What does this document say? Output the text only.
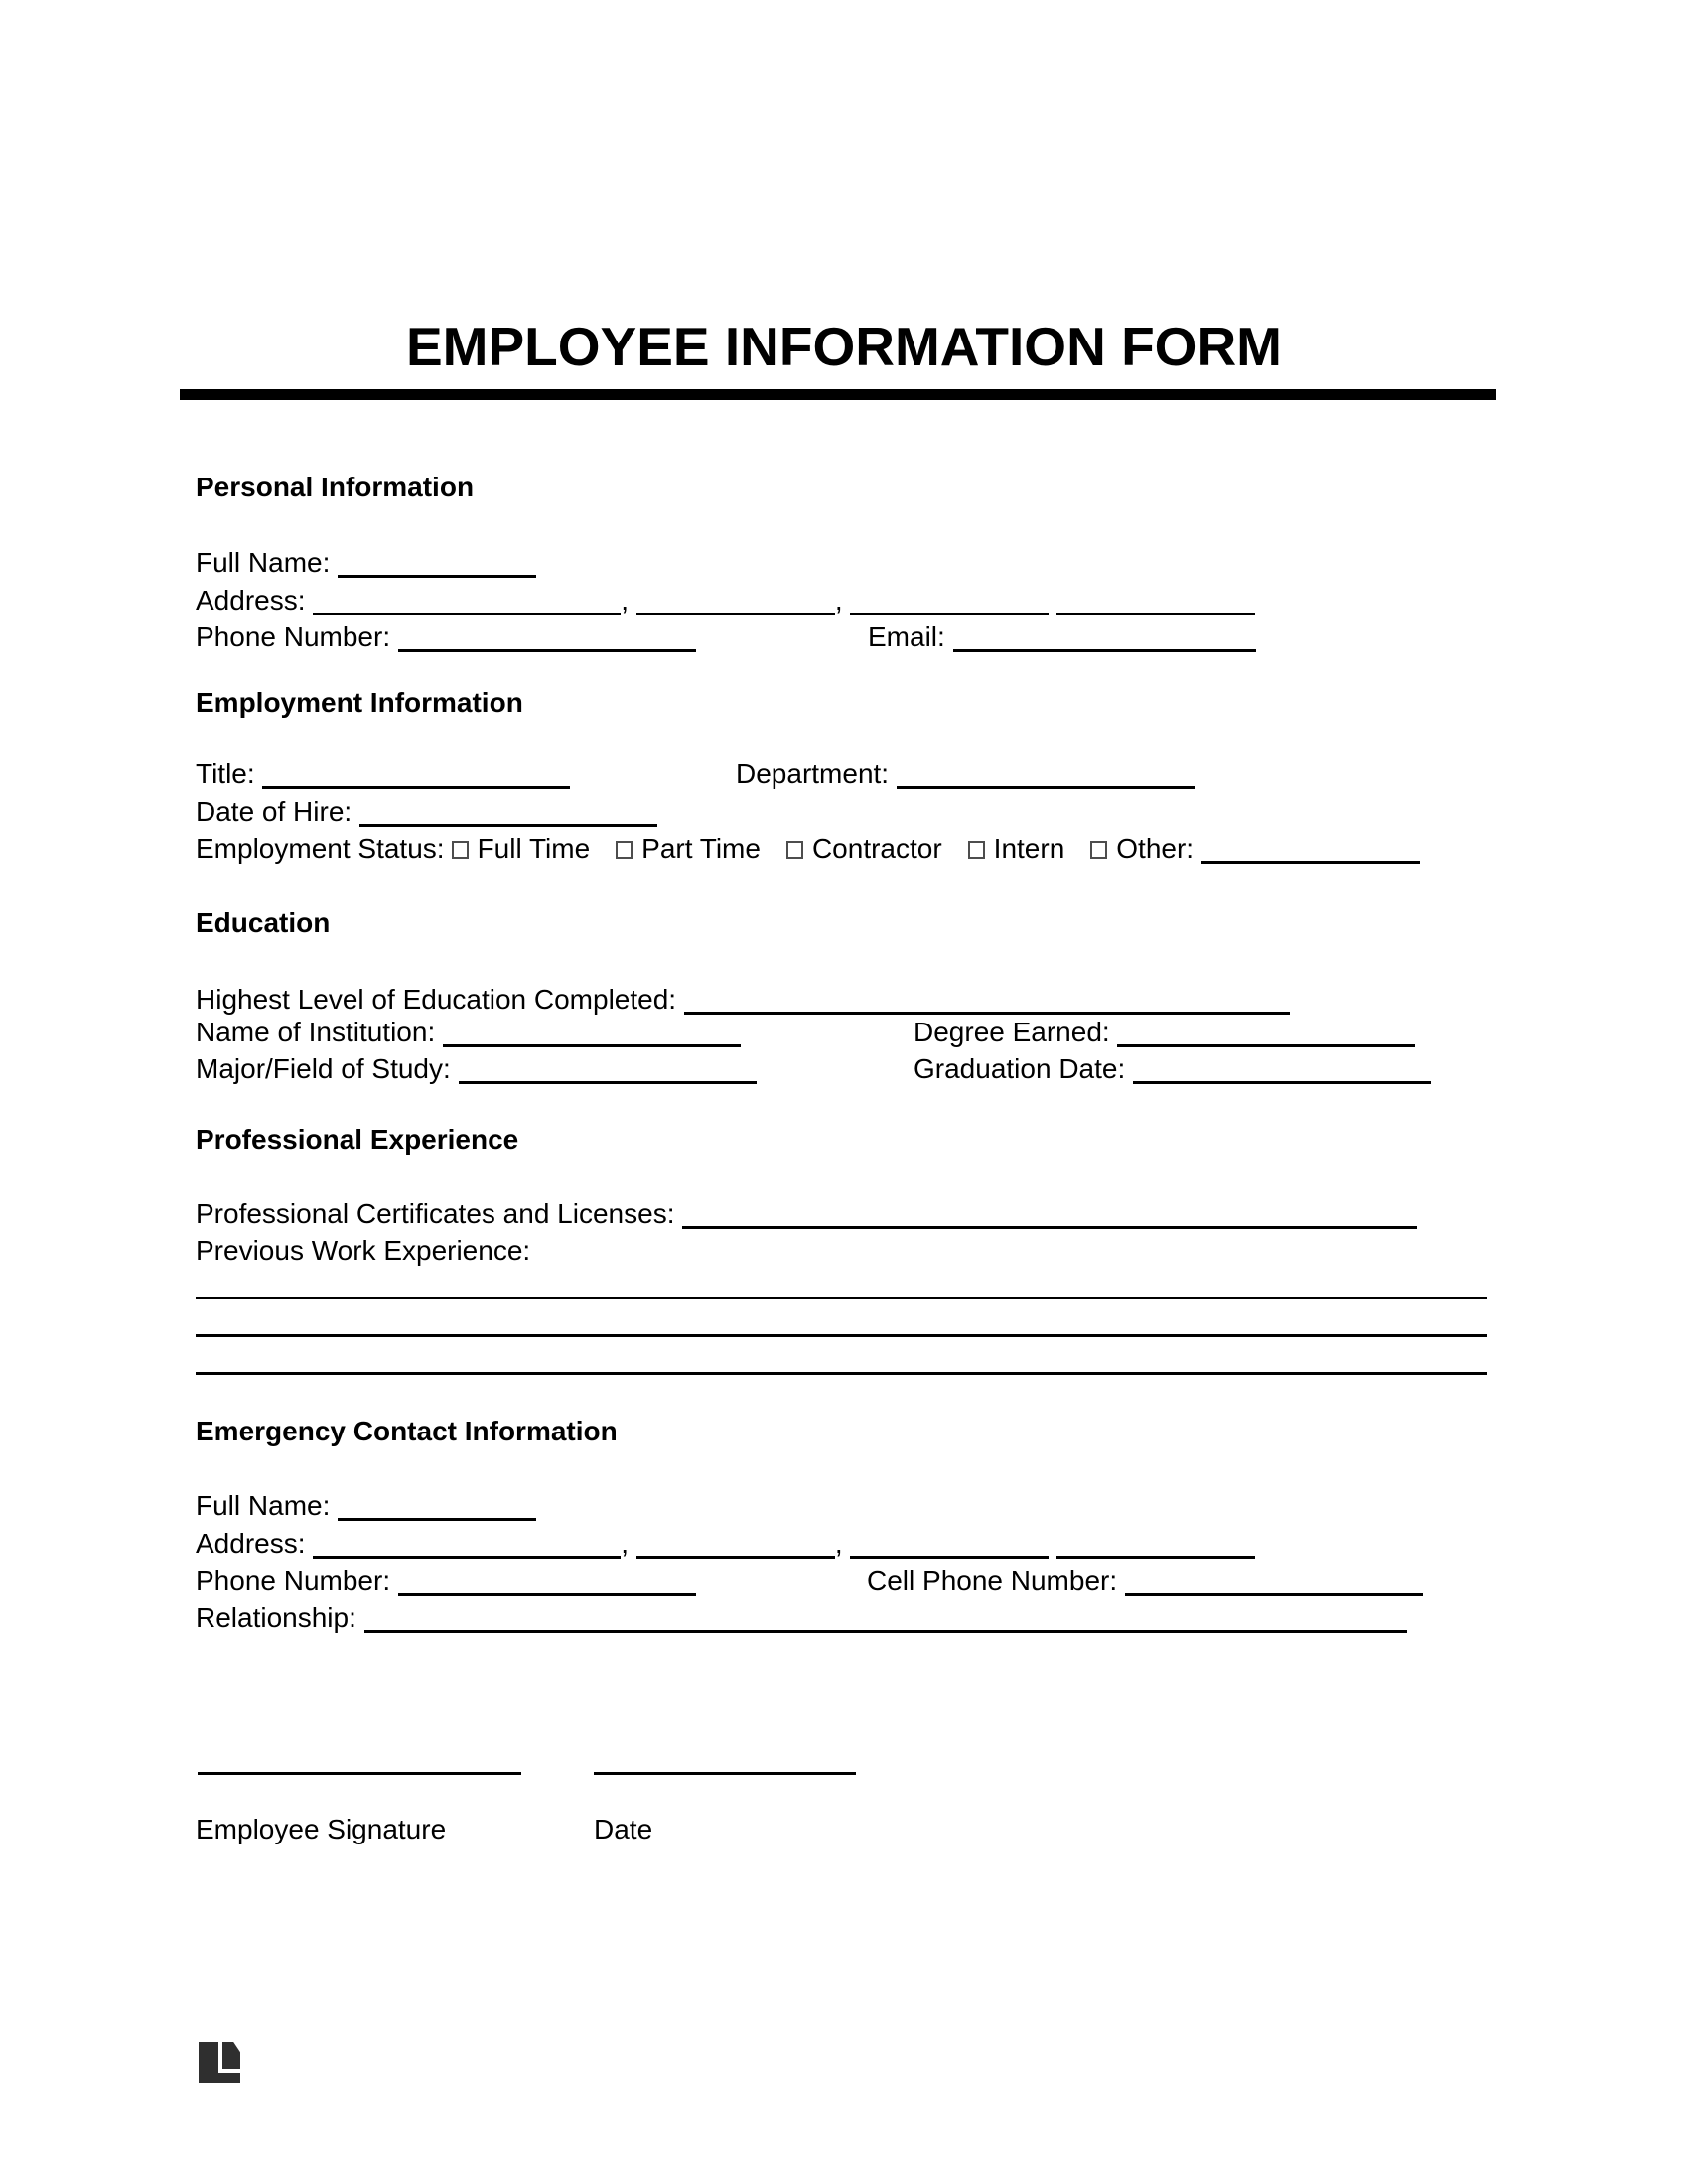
EMPLOYEE INFORMATION FORM
Personal Information
Full Name:
Address:	,	,
Phone Number:	Email:
Employment Information
Title:	Department:
Date of Hire:
Employment Status: Full Time Part Time Contractor Intern Other:
Education
Highest Level of Education Completed:
Name of Institution:	Degree Earned:
Major/Field of Study:	Graduation Date:
Professional Experience
Professional Certificates and Licenses:
Previous Work Experience:
Emergency Contact Information
Full Name:
Address:	,	,
Phone Number:	Cell Phone Number:
Relationship:
Employee Signature	Date
